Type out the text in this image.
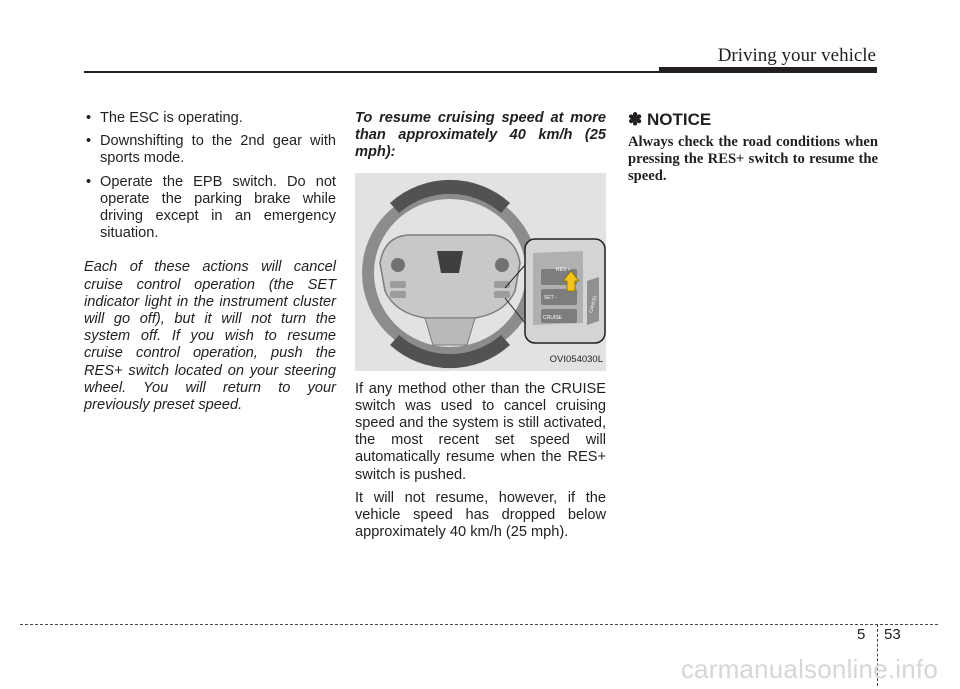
Driving your vehicle
• The ESC is operating.
• Downshifting to the 2nd gear with sports mode.
• Operate the EPB switch. Do not operate the parking brake while driving except in an emergency situation.
Each of these actions will cancel cruise control operation (the SET indicator light in the instrument cluster will go off), but it will not turn the system off. If you wish to resume cruise control operation, push the RES+ switch located on your steering wheel. You will return to your previously preset speed.

To resume cruising speed at more than approximately 40 km/h (25 mph):

RES +
SET -
CRUISE
CANCEL
OVI054030L

If any method other than the CRUISE switch was used to cancel cruising speed and the system is still activated, the most recent set speed will automatically resume when the RES+ switch is pushed.

It will not resume, however, if the vehicle speed has dropped below approximately 40 km/h (25 mph).

✽ NOTICE

Always check the road conditions when pressing the RES+ switch to resume the speed.

5 53
carmanualsonline.info
